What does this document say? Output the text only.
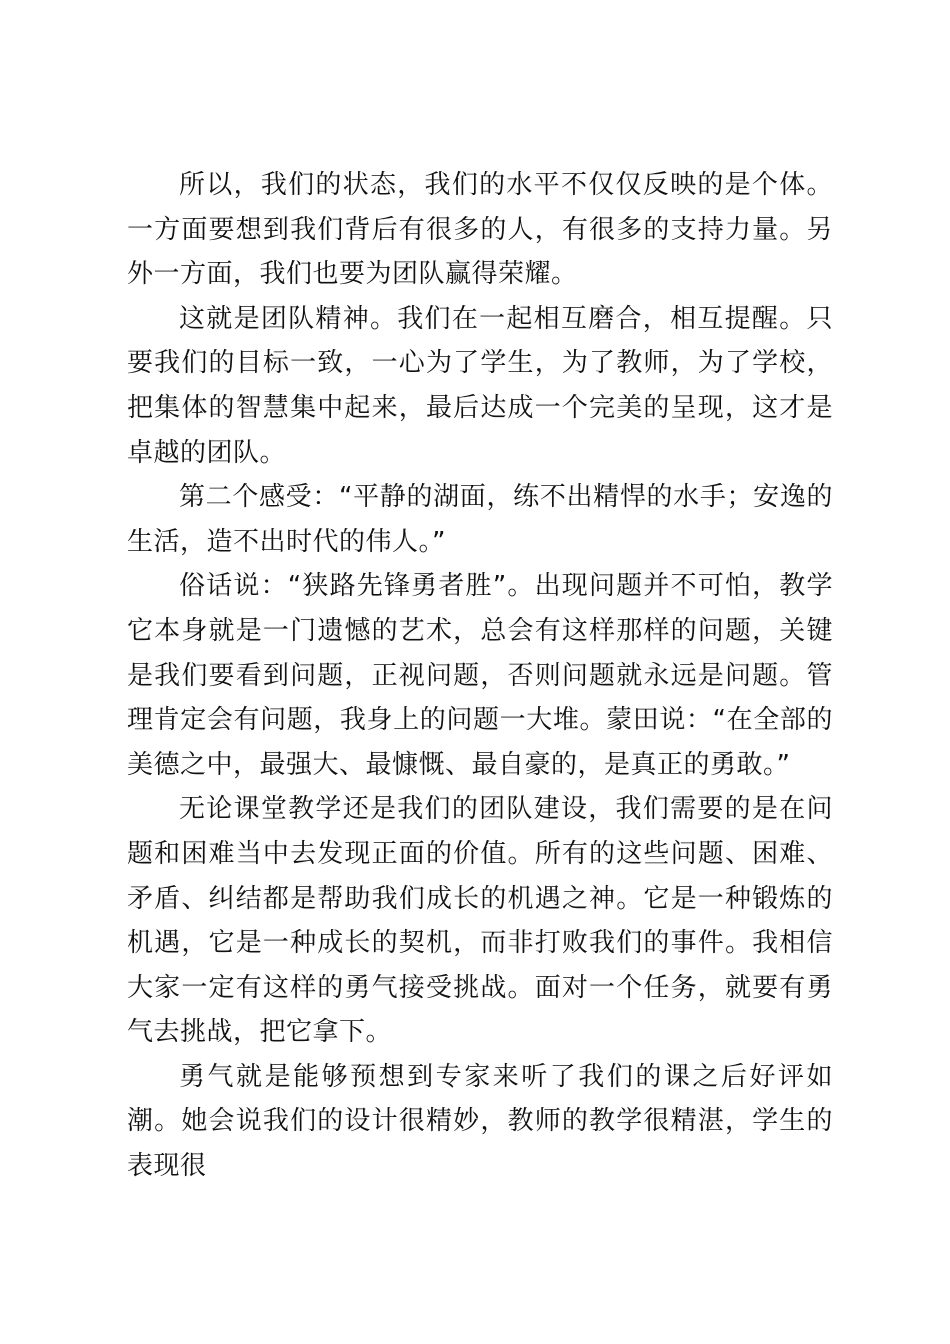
所以，我们的状态，我们的水平不仅仅反映的是个体。一方面要想到我们背后有很多的人，有很多的支持力量。另外一方面，我们也要为团队赢得荣耀。

这就是团队精神。我们在一起相互磨合，相互提醒。只要我们的目标一致，一心为了学生，为了教师，为了学校，把集体的智慧集中起来，最后达成一个完美的呈现，这才是卓越的团队。

第二个感受：“平静的湖面，练不出精悍的水手；安逸的生活，造不出时代的伟人。”

俗话说：“狭路先锋勇者胜”。出现问题并不可怕，教学它本身就是一门遗憾的艺术，总会有这样那样的问题，关键是我们要看到问题，正视问题，否则问题就永远是问题。管理肯定会有问题，我身上的问题一大堆。蒙田说：“在全部的美德之中，最强大、最慷慨、最自豪的，是真正的勇敢。”

无论课堂教学还是我们的团队建设，我们需要的是在问题和困难当中去发现正面的价值。所有的这些问题、困难、矛盾、纠结都是帮助我们成长的机遇之神。它是一种锻炼的机遇，它是一种成长的契机，而非打败我们的事件。我相信大家一定有这样的勇气接受挑战。面对一个任务，就要有勇气去挑战，把它拿下。

勇气就是能够预想到专家来听了我们的课之后好评如潮。她会说我们的设计很精妙，教师的教学很精湛，学生的表现很
